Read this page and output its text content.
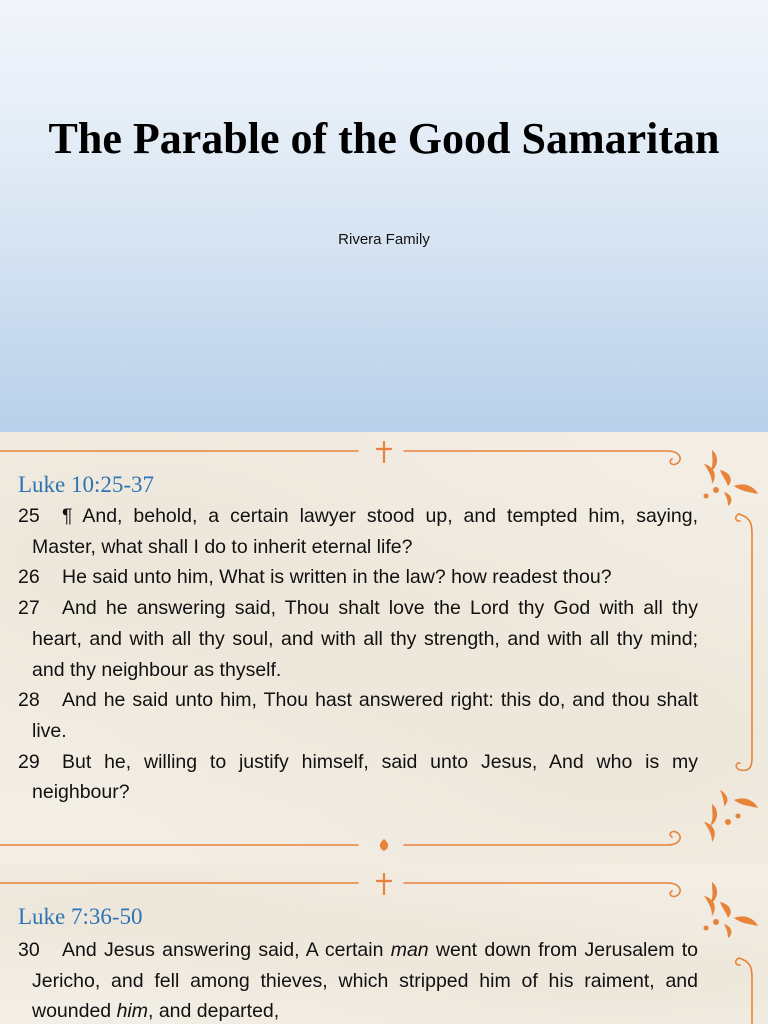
The Parable of the Good Samaritan
Rivera Family
Luke 10:25-37
25 ¶ And, behold, a certain lawyer stood up, and tempted him, saying, Master, what shall I do to inherit eternal life?
26 He said unto him, What is written in the law? how readest thou?
27 And he answering said, Thou shalt love the Lord thy God with all thy heart, and with all thy soul, and with all thy strength, and with all thy mind; and thy neighbour as thyself.
28 And he said unto him, Thou hast answered right: this do, and thou shalt live.
29 But he, willing to justify himself, said unto Jesus, And who is my neighbour?
Luke 7:36-50
30 And Jesus answering said, A certain man went down from Jerusalem to Jericho, and fell among thieves, which stripped him of his raiment, and wounded him, and departed,
